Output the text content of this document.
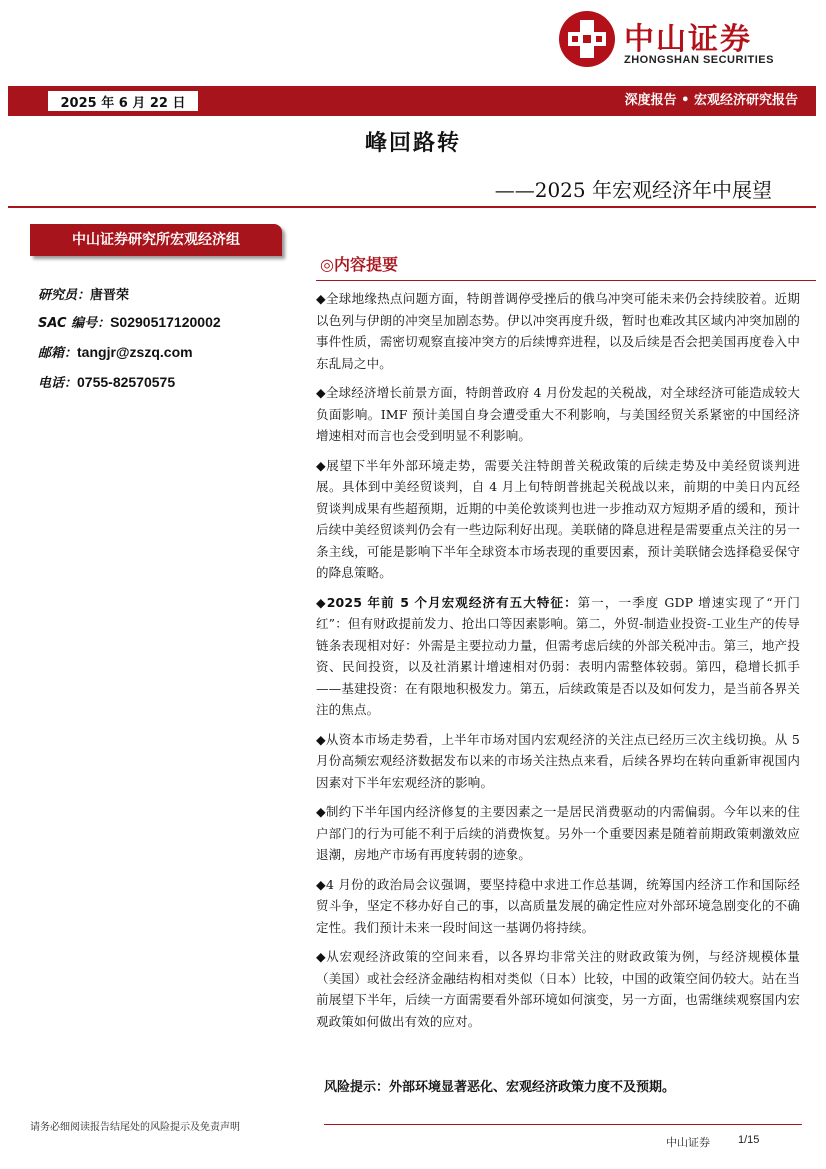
中山证券
ZHONGSHAN SECURITIES
2025 年 6 月 22 日	深度报告 • 宏观经济研究报告
峰回路转
——2025 年宏观经济年中展望
中山证券研究所宏观经济组
研究员：唐晋荣
SAC 编号：S0290517120002
邮箱：tangjr@zszq.com
电话：0755-82570575
◎内容提要

◆全球地缘热点问题方面，特朗普调停受挫后的俄乌冲突可能未来仍会持续胶着。近期以色列与伊朗的冲突呈加剧态势。伊以冲突再度升级，暂时也难改其区域内冲突加剧的事件性质，需密切观察直接冲突方的后续博弈进程，以及后续是否会把美国再度卷入中东乱局之中。

◆全球经济增长前景方面，特朗普政府 4 月份发起的关税战，对全球经济可能造成较大负面影响。IMF 预计美国自身会遭受重大不利影响，与美国经贸关系紧密的中国经济增速相对而言也会受到明显不利影响。

◆展望下半年外部环境走势，需要关注特朗普关税政策的后续走势及中美经贸谈判进展。具体到中美经贸谈判，自 4 月上旬特朗普挑起关税战以来，前期的中美日内瓦经贸谈判成果有些超预期，近期的中美伦敦谈判也进一步推动双方短期矛盾的缓和，预计后续中美经贸谈判仍会有一些边际利好出现。美联储的降息进程是需要重点关注的另一条主线，可能是影响下半年全球资本市场表现的重要因素，预计美联储会选择稳妥保守的降息策略。

◆2025 年前 5 个月宏观经济有五大特征：第一，一季度 GDP 增速实现了“开门红”：但有财政提前发力、抢出口等因素影响。第二，外贸-制造业投资-工业生产的传导链条表现相对好：外需是主要拉动力量，但需考虑后续的外部关税冲击。第三，地产投资、民间投资，以及社消累计增速相对仍弱：表明内需整体较弱。第四，稳增长抓手——基建投资：在有限地积极发力。第五，后续政策是否以及如何发力，是当前各界关注的焦点。

◆从资本市场走势看，上半年市场对国内宏观经济的关注点已经历三次主线切换。从 5 月份高频宏观经济数据发布以来的市场关注热点来看，后续各界均在转向重新审视国内因素对下半年宏观经济的影响。

◆制约下半年国内经济修复的主要因素之一是居民消费驱动的内需偏弱。今年以来的住户部门的行为可能不利于后续的消费恢复。另外一个重要因素是随着前期政策刺激效应退潮，房地产市场有再度转弱的迹象。

◆4 月份的政治局会议强调，要坚持稳中求进工作总基调，统筹国内经济工作和国际经贸斗争，坚定不移办好自己的事，以高质量发展的确定性应对外部环境急剧变化的不确定性。我们预计未来一段时间这一基调仍将持续。

◆从宏观经济政策的空间来看，以各界均非常关注的财政政策为例，与经济规模体量（美国）或社会经济金融结构相对类似（日本）比较，中国的政策空间仍较大。站在当前展望下半年，后续一方面需要看外部环境如何演变，另一方面，也需继续观察国内宏观政策如何做出有效的应对。

风险提示：外部环境显著恶化、宏观经济政策力度不及预期。
请务必细阅读报告结尾处的风险提示及免责声明
中山证券	1/15
